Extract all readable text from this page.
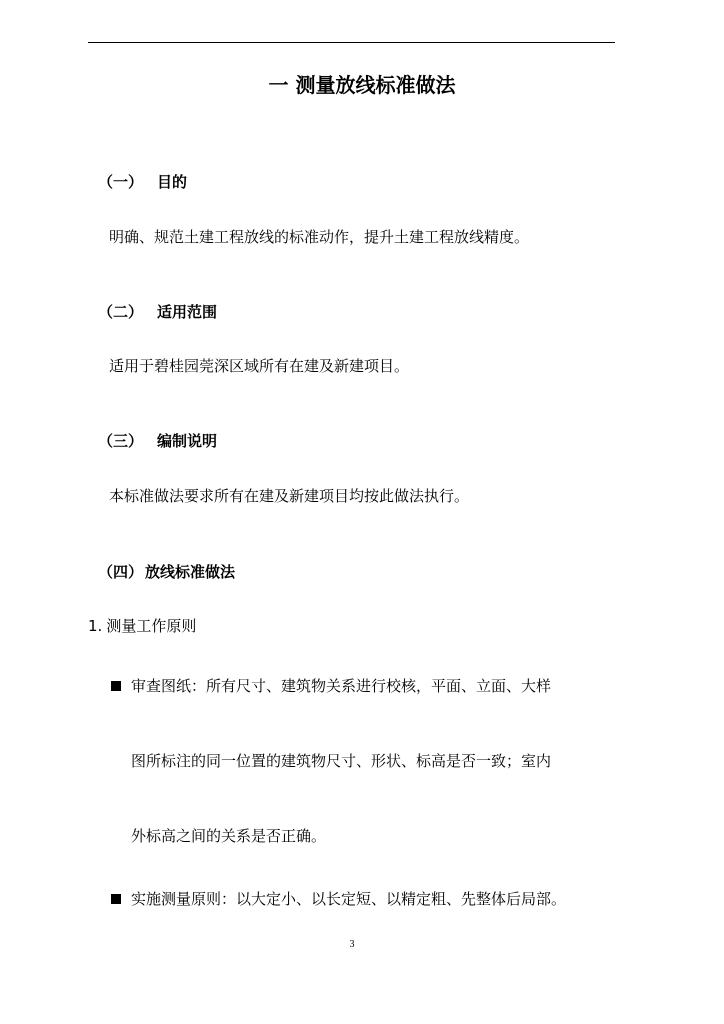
一 测量放线标准做法
（一） 目的
明确、规范土建工程放线的标准动作，提升土建工程放线精度。
（二） 适用范围
适用于碧桂园莞深区域所有在建及新建项目。
（三） 编制说明
本标准做法要求所有在建及新建项目均按此做法执行。
（四） 放线标准做法
1. 测量工作原则
审查图纸：所有尺寸、建筑物关系进行校核，平面、立面、大样
图所标注的同一位置的建筑物尺寸、形状、标高是否一致；室内
外标高之间的关系是否正确。
实施测量原则：以大定小、以长定短、以精定粗、先整体后局部。
3
